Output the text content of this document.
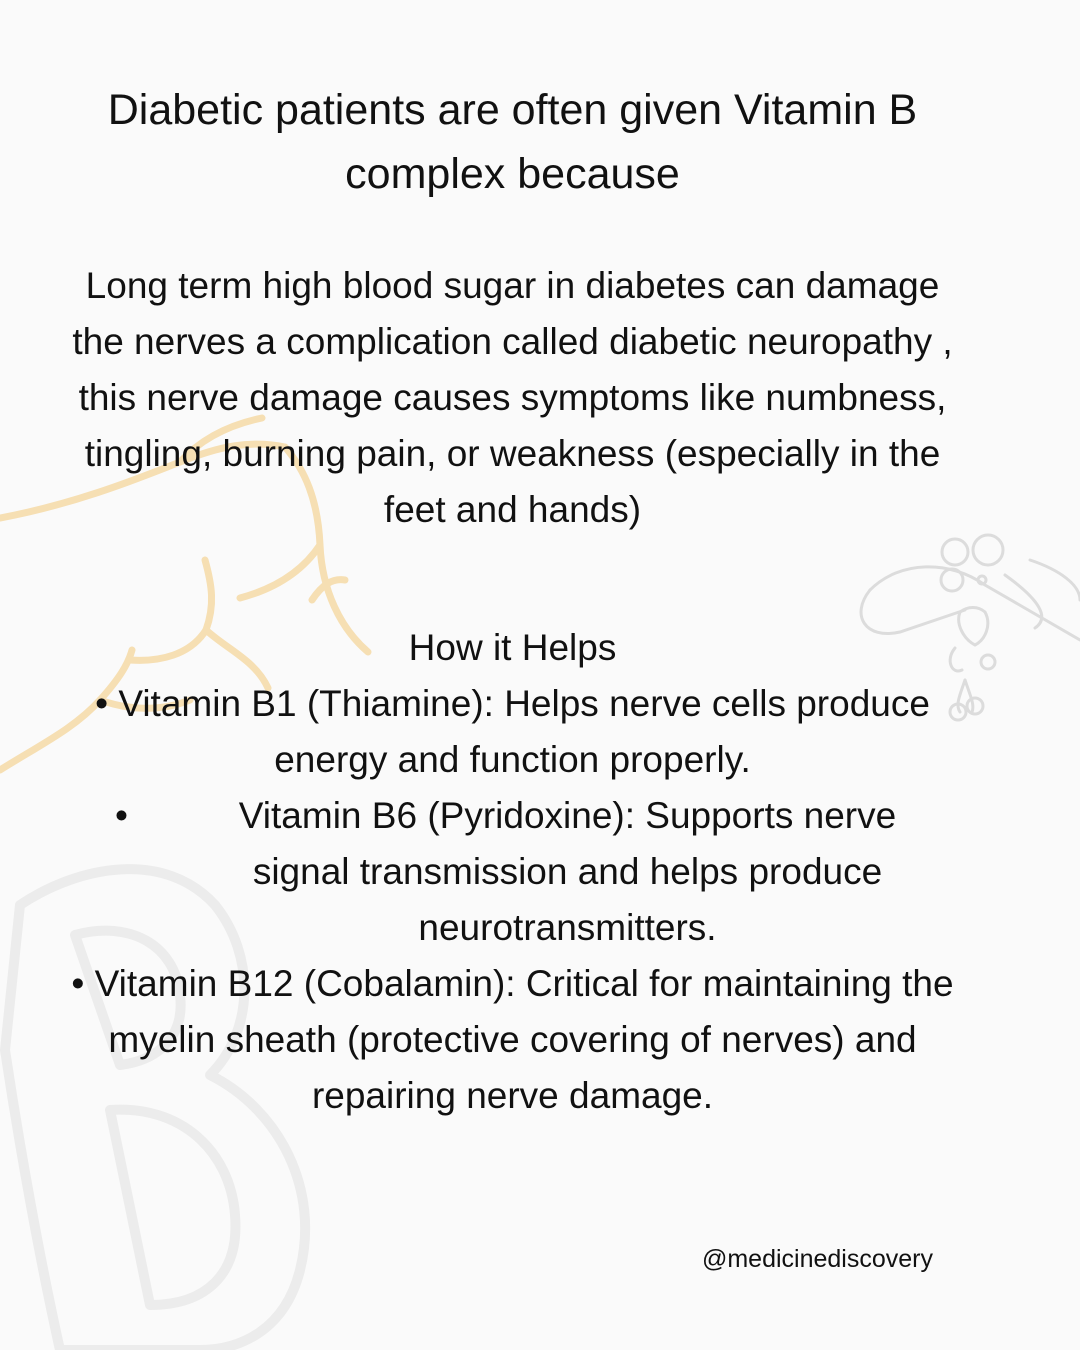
Diabetic patients are often given Vitamin B complex because

Long term high blood sugar in diabetes can damage the nerves a complication called diabetic neuropathy , this nerve damage causes symptoms like numbness, tingling, burning pain, or weakness (especially in the feet and hands)

How it Helps

• Vitamin B1 (Thiamine): Helps nerve cells produce energy and function properly.

•	Vitamin B6 (Pyridoxine): Supports nerve signal transmission and helps produce neurotransmitters.

• Vitamin B12 (Cobalamin): Critical for maintaining the myelin sheath (protective covering of nerves) and repairing nerve damage.

@medicinediscovery
